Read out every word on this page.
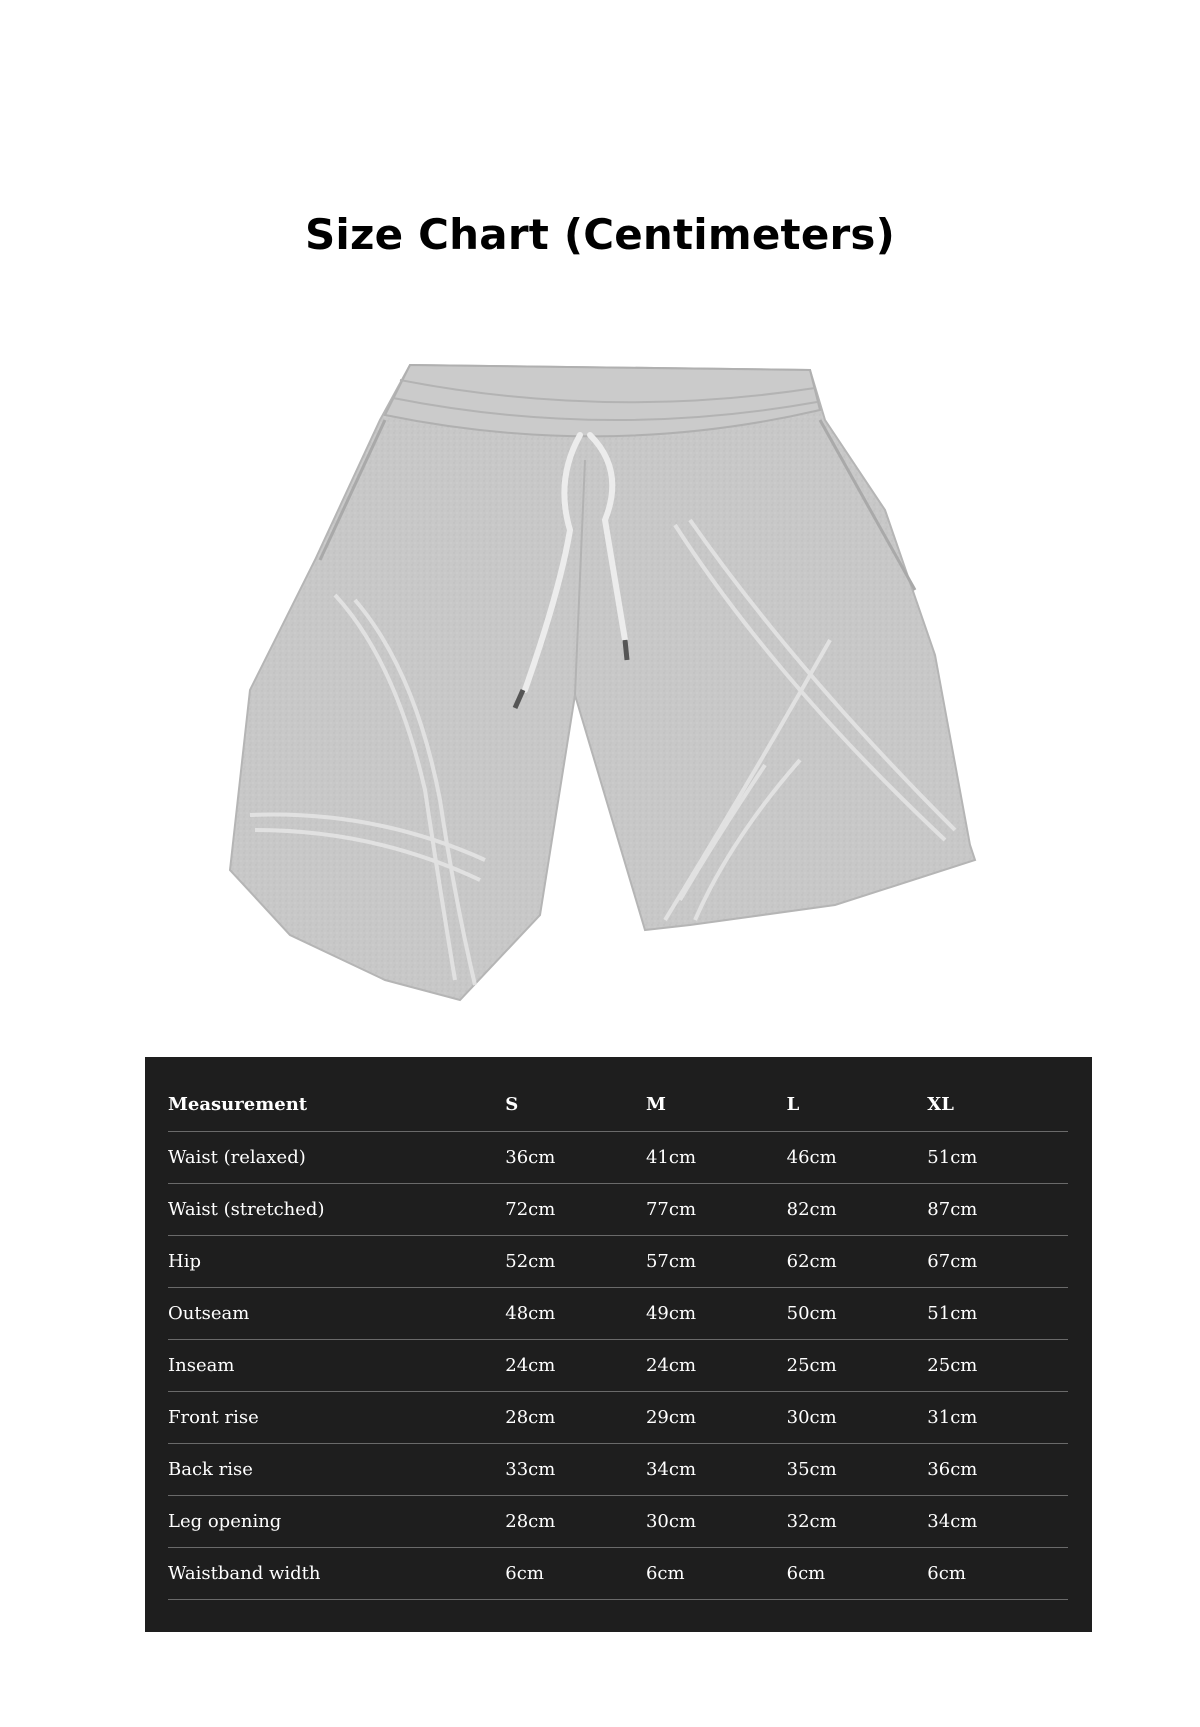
Size Chart (Centimeters)
Measurement	S	M	L	XL
Waist (relaxed)	36cm	41cm	46cm	51cm
Waist (stretched)	72cm	77cm	82cm	87cm
Hip	52cm	57cm	62cm	67cm
Outseam	48cm	49cm	50cm	51cm
Inseam	24cm	24cm	25cm	25cm
Front rise	28cm	29cm	30cm	31cm
Back rise	33cm	34cm	35cm	36cm
Leg opening	28cm	30cm	32cm	34cm
Waistband width	6cm	6cm	6cm	6cm
